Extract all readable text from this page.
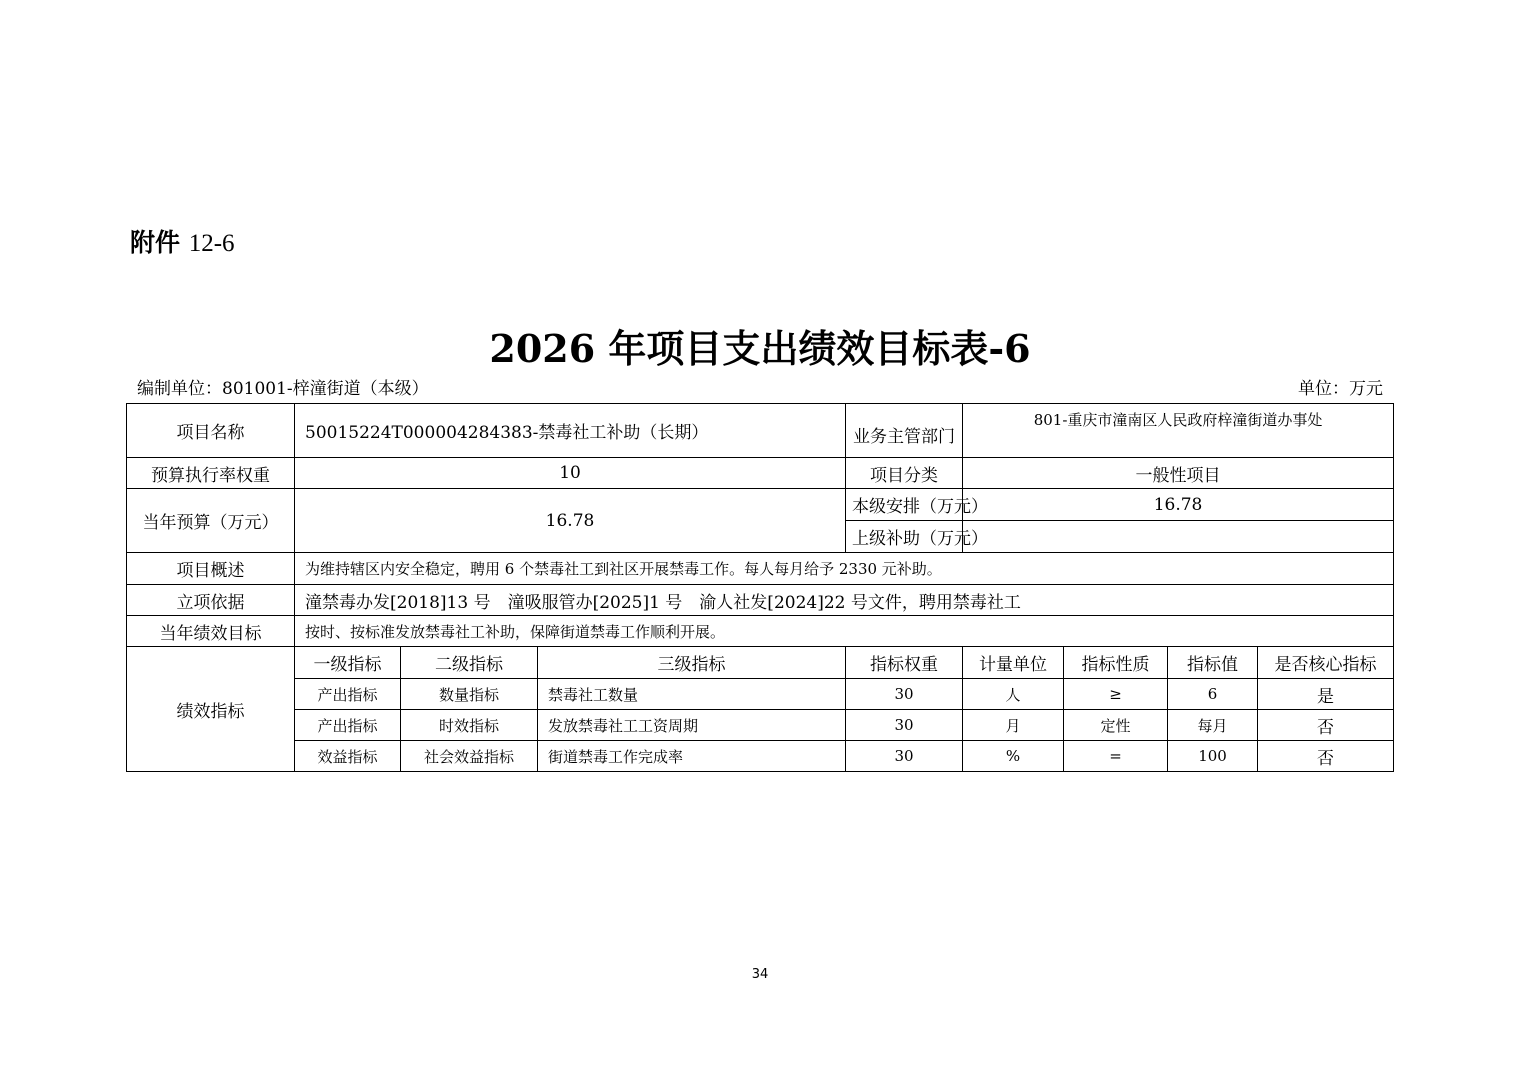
附件 12-6
2026 年项目支出绩效目标表-6
编制单位：801001-梓潼街道（本级）	单位：万元
项目名称	50015224T000004284383-禁毒社工补助（长期）			业务主管部门	801-重庆市潼南区人民政府梓潼街道办事处			
预算执行率权重	10			项目分类	一般性项目			
当年预算（万元）	16.78			本级安排（万元）	16.78			
				上级补助（万元）				
项目概述	为维持辖区内安全稳定，聘用 6 个禁毒社工到社区开展禁毒工作。每人每月给予 2330 元补助。							
立项依据	潼禁毒办发[2018]13 号　潼吸服管办[2025]1 号　渝人社发[2024]22 号文件，聘用禁毒社工							
当年绩效目标	按时、按标准发放禁毒社工补助，保障街道禁毒工作顺利开展。							
绩效指标	一级指标	二级指标	三级指标	指标权重	计量单位	指标性质	指标值	是否核心指标
	产出指标	数量指标	禁毒社工数量	30	人	≥	6	是
	产出指标	时效指标	发放禁毒社工工资周期	30	月	定性	每月	否
	效益指标	社会效益指标	街道禁毒工作完成率	30	%	=	100	否
34
